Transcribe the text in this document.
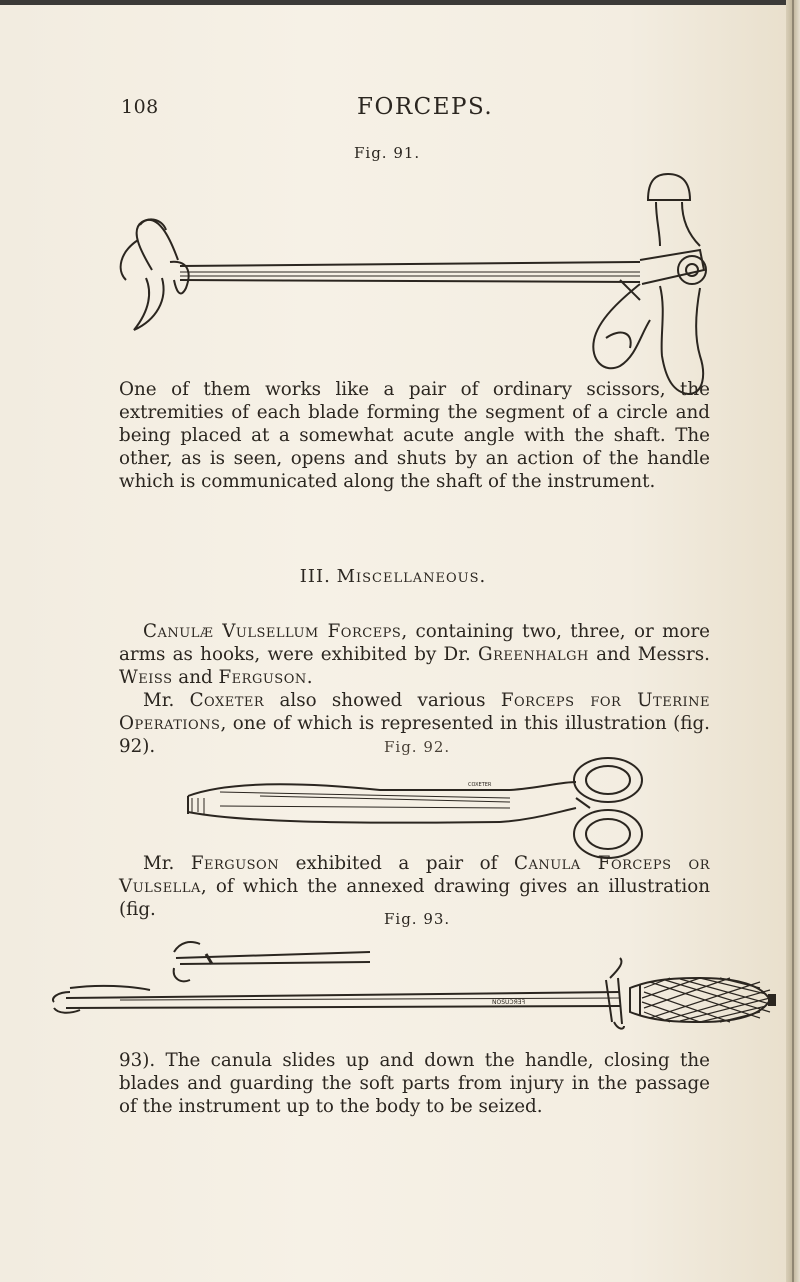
108	FORCEPS.
Fig. 91.

One of them works like a pair of ordinary scissors, the extremities of each blade forming the segment of a circle and being placed at a somewhat acute angle with the shaft. The other, as is seen, opens and shuts by an action of the handle which is communicated along the shaft of the instrument.

III. Miscellaneous.

Canulæ Vulsellum Forceps, containing two, three, or more arms as hooks, were exhibited by Dr. Greenhalgh and Messrs. Weiss and Ferguson.

Mr. Coxeter also showed various Forceps for Uterine Operations, one of which is represented in this illustration (fig. 92).	Fig. 92.
COXETER

Mr. Ferguson exhibited a pair of Canula Forceps or Vulsella, of which the annexed drawing gives an illustration (fig.	Fig. 93.
NOSUƆЯƎꟻ

93). The canula slides up and down the handle, closing the blades and guarding the soft parts from injury in the passage of the instrument up to the body to be seized.
